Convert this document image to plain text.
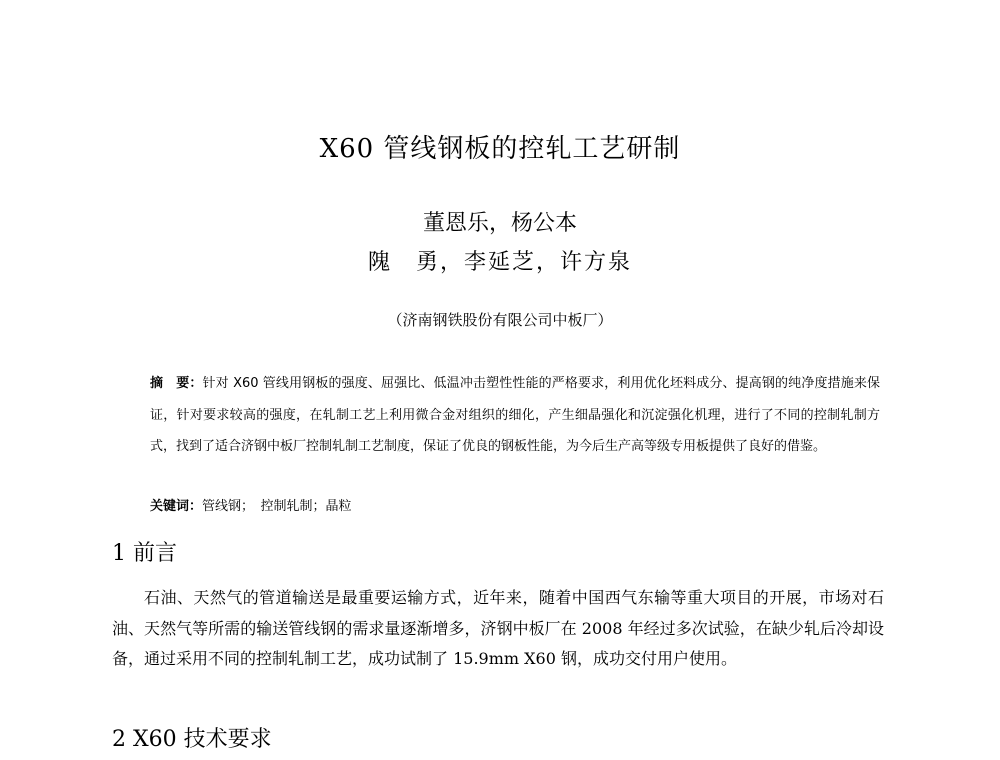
X60 管线钢板的控轧工艺研制
董恩乐，杨公本
隗　勇，李延芝，许方泉
（济南钢铁股份有限公司中板厂）
摘　要：针对 X60 管线用钢板的强度、屈强比、低温冲击塑性性能的严格要求，利用优化坯料成分、提高钢的纯净度措施来保证，针对要求较高的强度，在轧制工艺上利用微合金对组织的细化，产生细晶强化和沉淀强化机理，进行了不同的控制轧制方式，找到了适合济钢中板厂控制轧制工艺制度，保证了优良的钢板性能，为今后生产高等级专用板提供了良好的借鉴。
关键词：管线钢；　控制轧制；晶粒
1 前言
石油、天然气的管道输送是最重要运输方式，近年来，随着中国西气东输等重大项目的开展，市场对石油、天然气等所需的输送管线钢的需求量逐渐增多，济钢中板厂在 2008 年经过多次试验，在缺少轧后冷却设备，通过采用不同的控制轧制工艺，成功试制了 15.9mm X60 钢，成功交付用户使用。
2 X60 技术要求
